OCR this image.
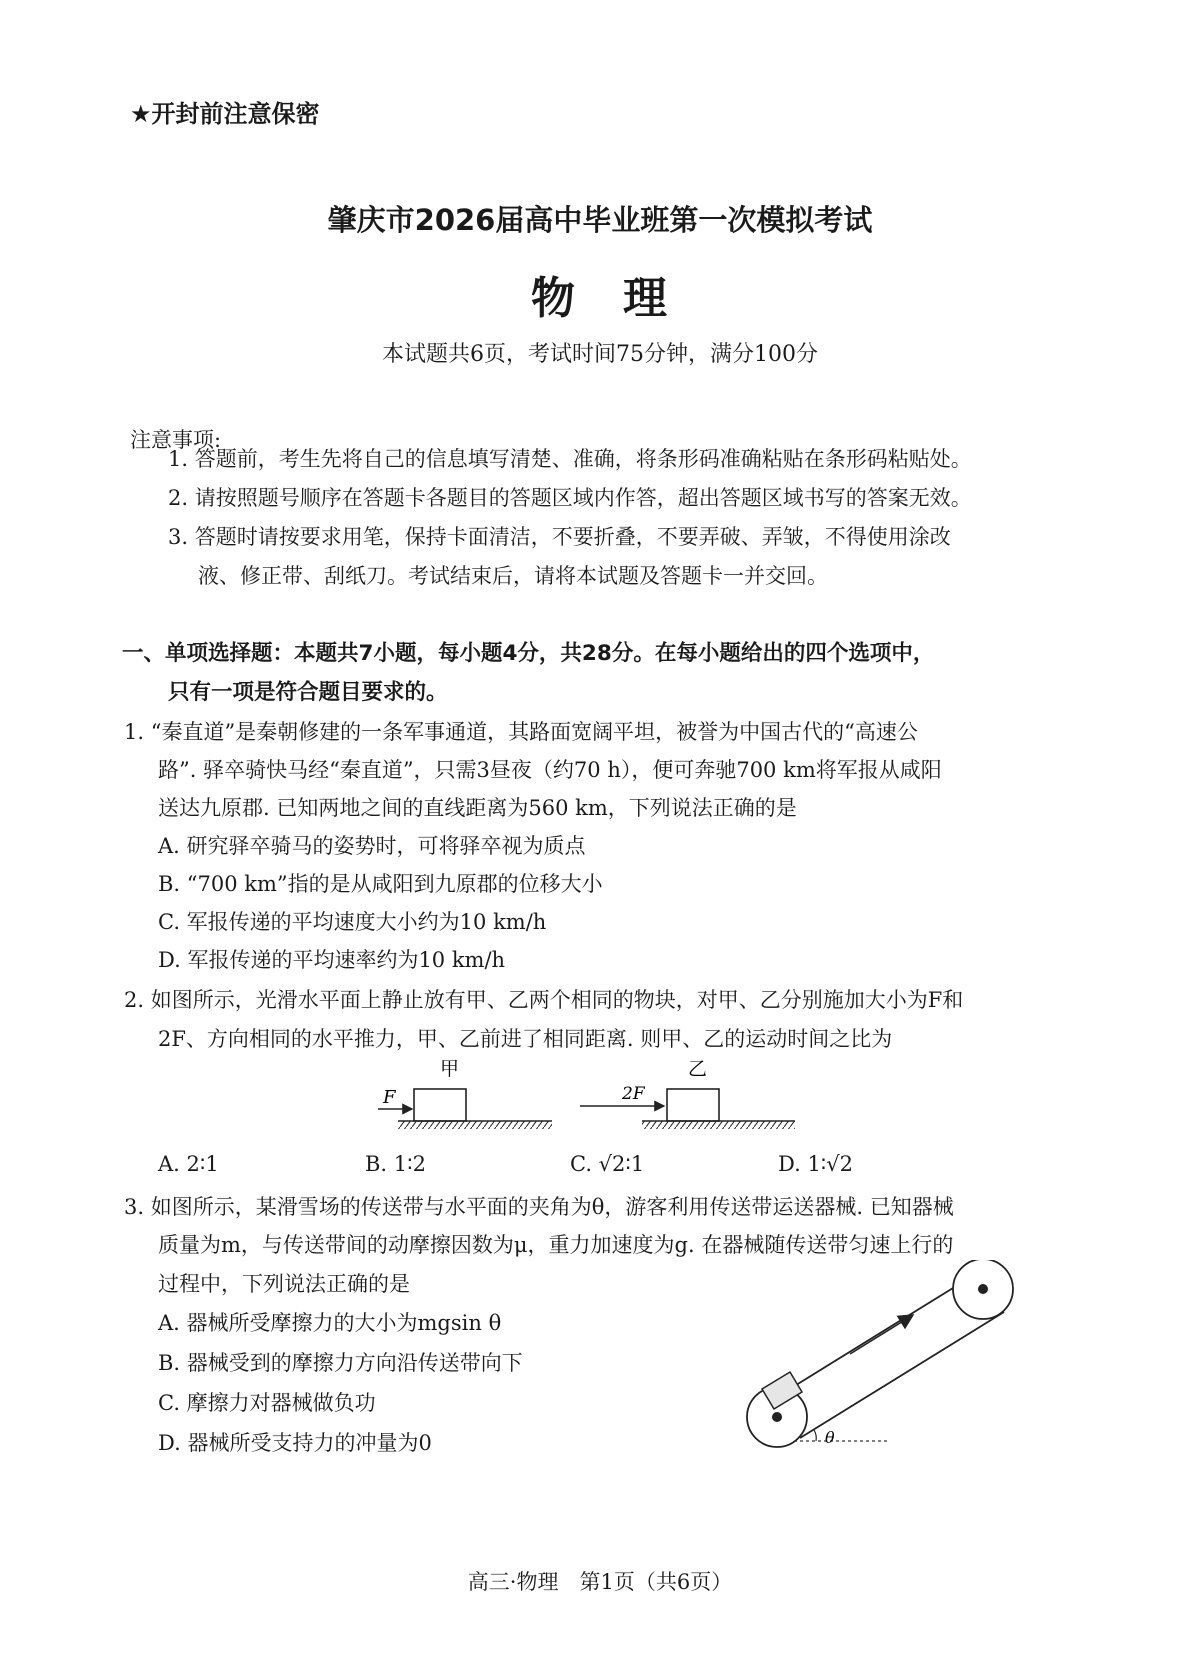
★开封前注意保密
肇庆市2026届高中毕业班第一次模拟考试
物　理
本试题共6页，考试时间75分钟，满分100分
注意事项:
1. 答题前，考生先将自己的信息填写清楚、准确，将条形码准确粘贴在条形码粘贴处。
2. 请按照题号顺序在答题卡各题目的答题区域内作答，超出答题区域书写的答案无效。
3. 答题时请按要求用笔，保持卡面清洁，不要折叠，不要弄破、弄皱，不得使用涂改
液、修正带、刮纸刀。考试结束后，请将本试题及答题卡一并交回。
一、单项选择题：本题共7小题，每小题4分，共28分。在每小题给出的四个选项中，
只有一项是符合题目要求的。
1. “秦直道”是秦朝修建的一条军事通道，其路面宽阔平坦，被誉为中国古代的“高速公
路”. 驿卒骑快马经“秦直道”，只需3昼夜（约70 h），便可奔驰700 km将军报从咸阳
送达九原郡. 已知两地之间的直线距离为560 km，下列说法正确的是
A. 研究驿卒骑马的姿势时，可将驿卒视为质点
B. “700 km”指的是从咸阳到九原郡的位移大小
C. 军报传递的平均速度大小约为10 km/h
D. 军报传递的平均速率约为10 km/h
2. 如图所示，光滑水平面上静止放有甲、乙两个相同的物块，对甲、乙分别施加大小为F和
2F、方向相同的水平推力，甲、乙前进了相同距离. 则甲、乙的运动时间之比为
甲
F
乙
2F
A. 2∶1	B. 1∶2	C. √2∶1	D. 1∶√2
3. 如图所示，某滑雪场的传送带与水平面的夹角为θ，游客利用传送带运送器械. 已知器械
质量为m，与传送带间的动摩擦因数为μ，重力加速度为g. 在器械随传送带匀速上行的
过程中，下列说法正确的是
A. 器械所受摩擦力的大小为mgsin θ
B. 器械受到的摩擦力方向沿传送带向下
C. 摩擦力对器械做负功
D. 器械所受支持力的冲量为0	θ
高三·物理　第1页（共6页）
